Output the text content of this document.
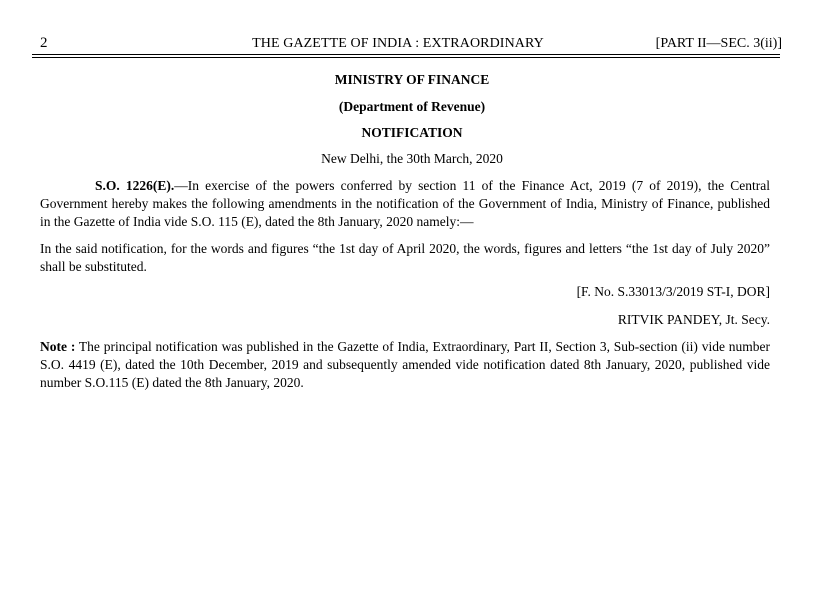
2	THE GAZETTE OF INDIA : EXTRAORDINARY	[PART II—SEC. 3(ii)]
MINISTRY OF FINANCE
(Department of Revenue)
NOTIFICATION
New Delhi, the 30th March, 2020

S.O. 1226(E).—In exercise of the powers conferred by section 11 of the Finance Act, 2019 (7 of 2019), the Central Government hereby makes the following amendments in the notification of the Government of India, Ministry of Finance, published in the Gazette of India vide S.O. 115 (E), dated the 8th January, 2020 namely:—

In the said notification, for the words and figures “the 1st day of April 2020, the words, figures and letters “the 1st day of July 2020” shall be substituted.

[F. No. S.33013/3/2019 ST-I, DOR]
RITVIK PANDEY, Jt. Secy.

Note : The principal notification was published in the Gazette of India, Extraordinary, Part II, Section 3, Sub-section (ii) vide number S.O. 4419 (E), dated the 10th December, 2019 and subsequently amended vide notification dated 8th January, 2020, published vide number S.O.115 (E) dated the 8th January, 2020.
